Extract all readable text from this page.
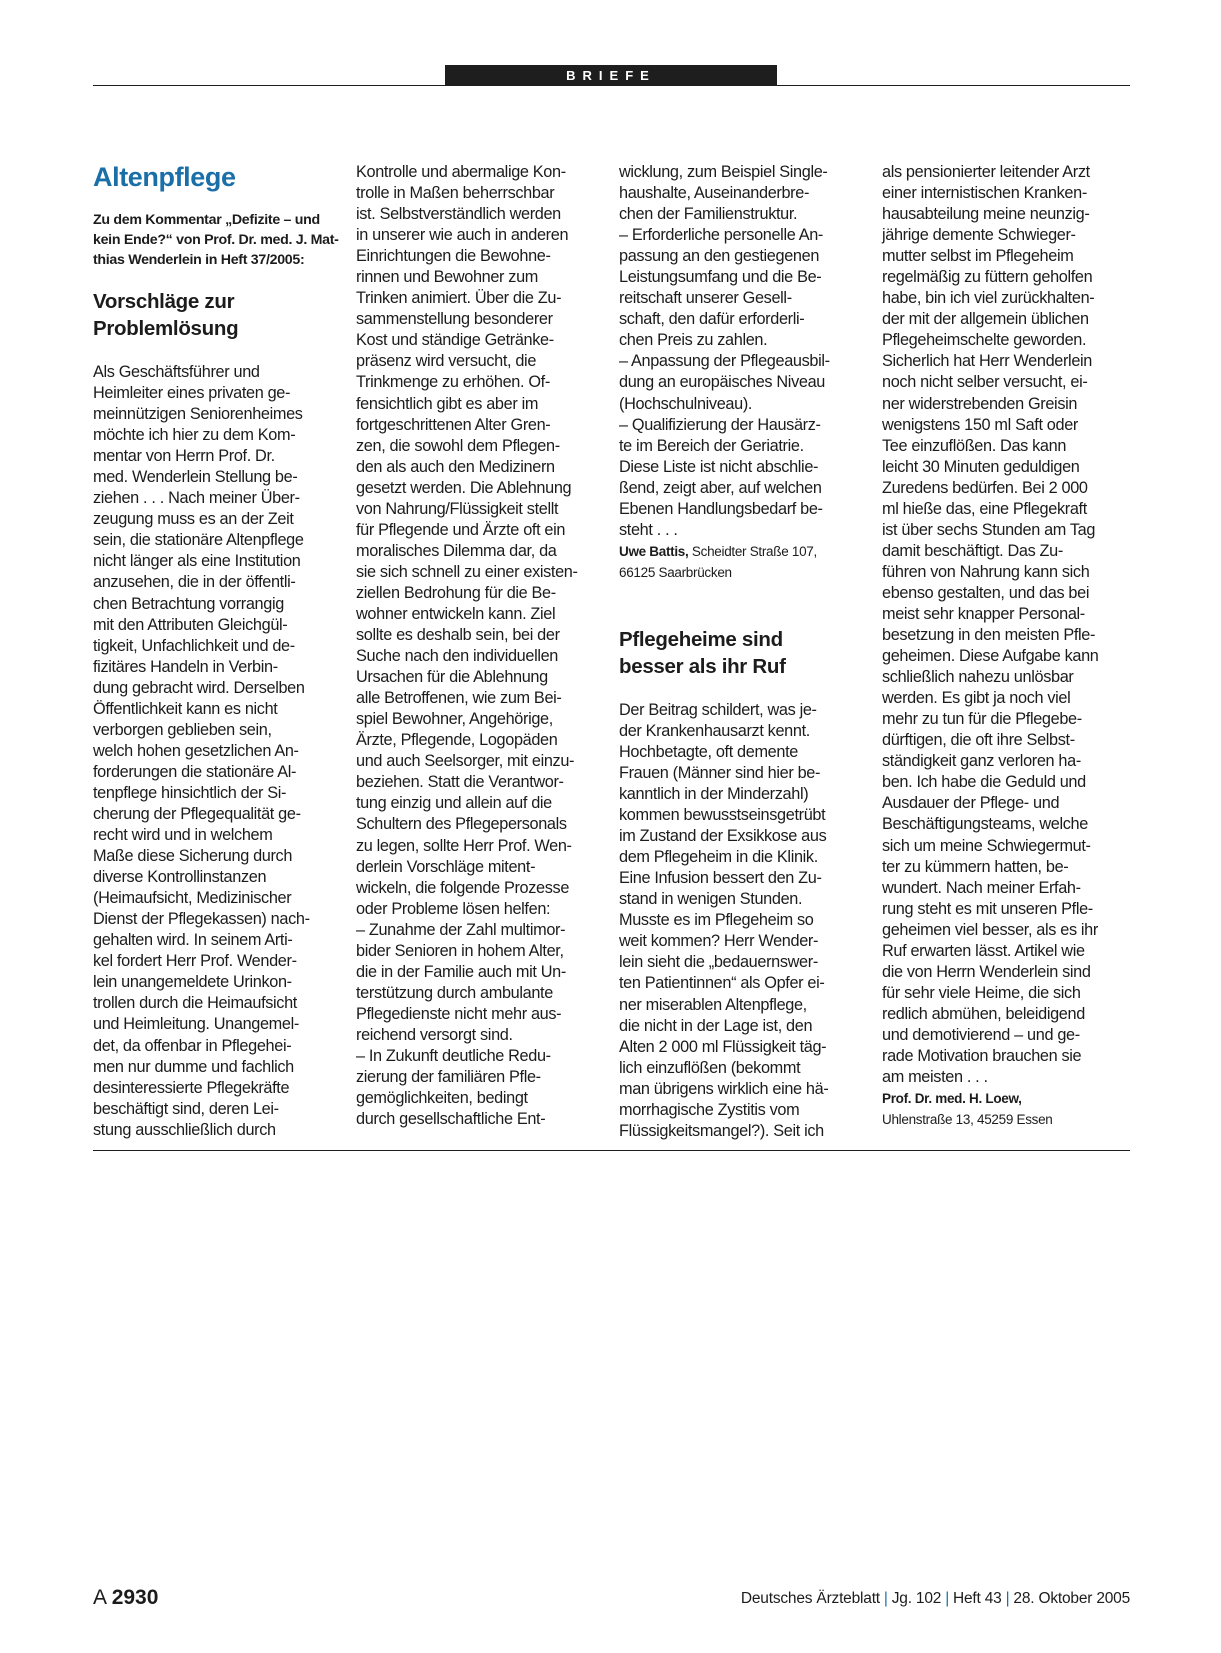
BRIEFE
Altenpflege
Zu dem Kommentar „Defizite – und
kein Ende?“ von Prof. Dr. med. J. Mat-
thias Wenderlein in Heft 37/2005:
Vorschläge zur
Problemlösung

Als Geschäftsführer und
Heimleiter eines privaten ge-
meinnützigen Seniorenheimes
möchte ich hier zu dem Kom-
mentar von Herrn Prof. Dr.
med. Wenderlein Stellung be-
ziehen . . . Nach meiner Über-
zeugung muss es an der Zeit
sein, die stationäre Altenpflege
nicht länger als eine Institution
anzusehen, die in der öffentli-
chen Betrachtung vorrangig
mit den Attributen Gleichgül-
tigkeit, Unfachlichkeit und de-
fizitäres Handeln in Verbin-
dung gebracht wird. Derselben
Öffentlichkeit kann es nicht
verborgen geblieben sein,
welch hohen gesetzlichen An-
forderungen die stationäre Al-
tenpflege hinsichtlich der Si-
cherung der Pflegequalität ge-
recht wird und in welchem
Maße diese Sicherung durch
diverse Kontrollinstanzen
(Heimaufsicht, Medizinischer
Dienst der Pflegekassen) nach-
gehalten wird. In seinem Arti-
kel fordert Herr Prof. Wender-
lein unangemeldete Urinkon-
trollen durch die Heimaufsicht
und Heimleitung. Unangemel-
det, da offenbar in Pflegehei-
men nur dumme und fachlich
desinteressierte Pflegekräfte
beschäftigt sind, deren Lei-
stung ausschließlich durch

Kontrolle und abermalige Kon-
trolle in Maßen beherrschbar
ist. Selbstverständlich werden
in unserer wie auch in anderen
Einrichtungen die Bewohne-
rinnen und Bewohner zum
Trinken animiert. Über die Zu-
sammenstellung besonderer
Kost und ständige Getränke-
präsenz wird versucht, die
Trinkmenge zu erhöhen. Of-
fensichtlich gibt es aber im
fortgeschrittenen Alter Gren-
zen, die sowohl dem Pflegen-
den als auch den Medizinern
gesetzt werden. Die Ablehnung
von Nahrung/Flüssigkeit stellt
für Pflegende und Ärzte oft ein
moralisches Dilemma dar, da
sie sich schnell zu einer existen-
ziellen Bedrohung für die Be-
wohner entwickeln kann. Ziel
sollte es deshalb sein, bei der
Suche nach den individuellen
Ursachen für die Ablehnung
alle Betroffenen, wie zum Bei-
spiel Bewohner, Angehörige,
Ärzte, Pflegende, Logopäden
und auch Seelsorger, mit einzu-
beziehen. Statt die Verantwor-
tung einzig und allein auf die
Schultern des Pflegepersonals
zu legen, sollte Herr Prof. Wen-
derlein Vorschläge mitent-
wickeln, die folgende Prozesse
oder Probleme lösen helfen:
– Zunahme der Zahl multimor-
bider Senioren in hohem Alter,
die in der Familie auch mit Un-
terstützung durch ambulante
Pflegedienste nicht mehr aus-
reichend versorgt sind.
– In Zukunft deutliche Redu-
zierung der familiären Pfle-
gemöglichkeiten, bedingt
durch gesellschaftliche Ent-

wicklung, zum Beispiel Single-
haushalte, Auseinanderbre-
chen der Familienstruktur.
– Erforderliche personelle An-
passung an den gestiegenen
Leistungsumfang und die Be-
reitschaft unserer Gesell-
schaft, den dafür erforderli-
chen Preis zu zahlen.
– Anpassung der Pflegeausbil-
dung an europäisches Niveau
(Hochschulniveau).
– Qualifizierung der Hausärz-
te im Bereich der Geriatrie.
Diese Liste ist nicht abschlie-
ßend, zeigt aber, auf welchen
Ebenen Handlungsbedarf be-
steht . . .

Uwe Battis, Scheidter Straße 107,
66125 Saarbrücken
Pflegeheime sind
besser als ihr Ruf

Der Beitrag schildert, was je-
der Krankenhausarzt kennt.
Hochbetagte, oft demente
Frauen (Männer sind hier be-
kanntlich in der Minderzahl)
kommen bewusstseinsgetrübt
im Zustand der Exsikkose aus
dem Pflegeheim in die Klinik.
Eine Infusion bessert den Zu-
stand in wenigen Stunden.
Musste es im Pflegeheim so
weit kommen? Herr Wender-
lein sieht die „bedauernswer-
ten Patientinnen“ als Opfer ei-
ner miserablen Altenpflege,
die nicht in der Lage ist, den
Alten 2 000 ml Flüssigkeit täg-
lich einzuflößen (bekommt
man übrigens wirklich eine hä-
morrhagische Zystitis vom
Flüssigkeitsmangel?). Seit ich

als pensionierter leitender Arzt
einer internistischen Kranken-
hausabteilung meine neunzig-
jährige demente Schwieger-
mutter selbst im Pflegeheim
regelmäßig zu füttern geholfen
habe, bin ich viel zurückhalten-
der mit der allgemein üblichen
Pflegeheimschelte geworden.
Sicherlich hat Herr Wenderlein
noch nicht selber versucht, ei-
ner widerstrebenden Greisin
wenigstens 150 ml Saft oder
Tee einzuflößen. Das kann
leicht 30 Minuten geduldigen
Zuredens bedürfen. Bei 2 000
ml hieße das, eine Pflegekraft
ist über sechs Stunden am Tag
damit beschäftigt. Das Zu-
führen von Nahrung kann sich
ebenso gestalten, und das bei
meist sehr knapper Personal-
besetzung in den meisten Pfle-
geheimen. Diese Aufgabe kann
schließlich nahezu unlösbar
werden. Es gibt ja noch viel
mehr zu tun für die Pflegebe-
dürftigen, die oft ihre Selbst-
ständigkeit ganz verloren ha-
ben. Ich habe die Geduld und
Ausdauer der Pflege- und
Beschäftigungsteams, welche
sich um meine Schwiegermut-
ter zu kümmern hatten, be-
wundert. Nach meiner Erfah-
rung steht es mit unseren Pfle-
geheimen viel besser, als es ihr
Ruf erwarten lässt. Artikel wie
die von Herrn Wenderlein sind
für sehr viele Heime, die sich
redlich abmühen, beleidigend
und demotivierend – und ge-
rade Motivation brauchen sie
am meisten . . .

Prof. Dr. med. H. Loew,
Uhlenstraße 13, 45259 Essen
A 2930	Deutsches Ärzteblatt | Jg. 102 | Heft 43 | 28. Oktober 2005
